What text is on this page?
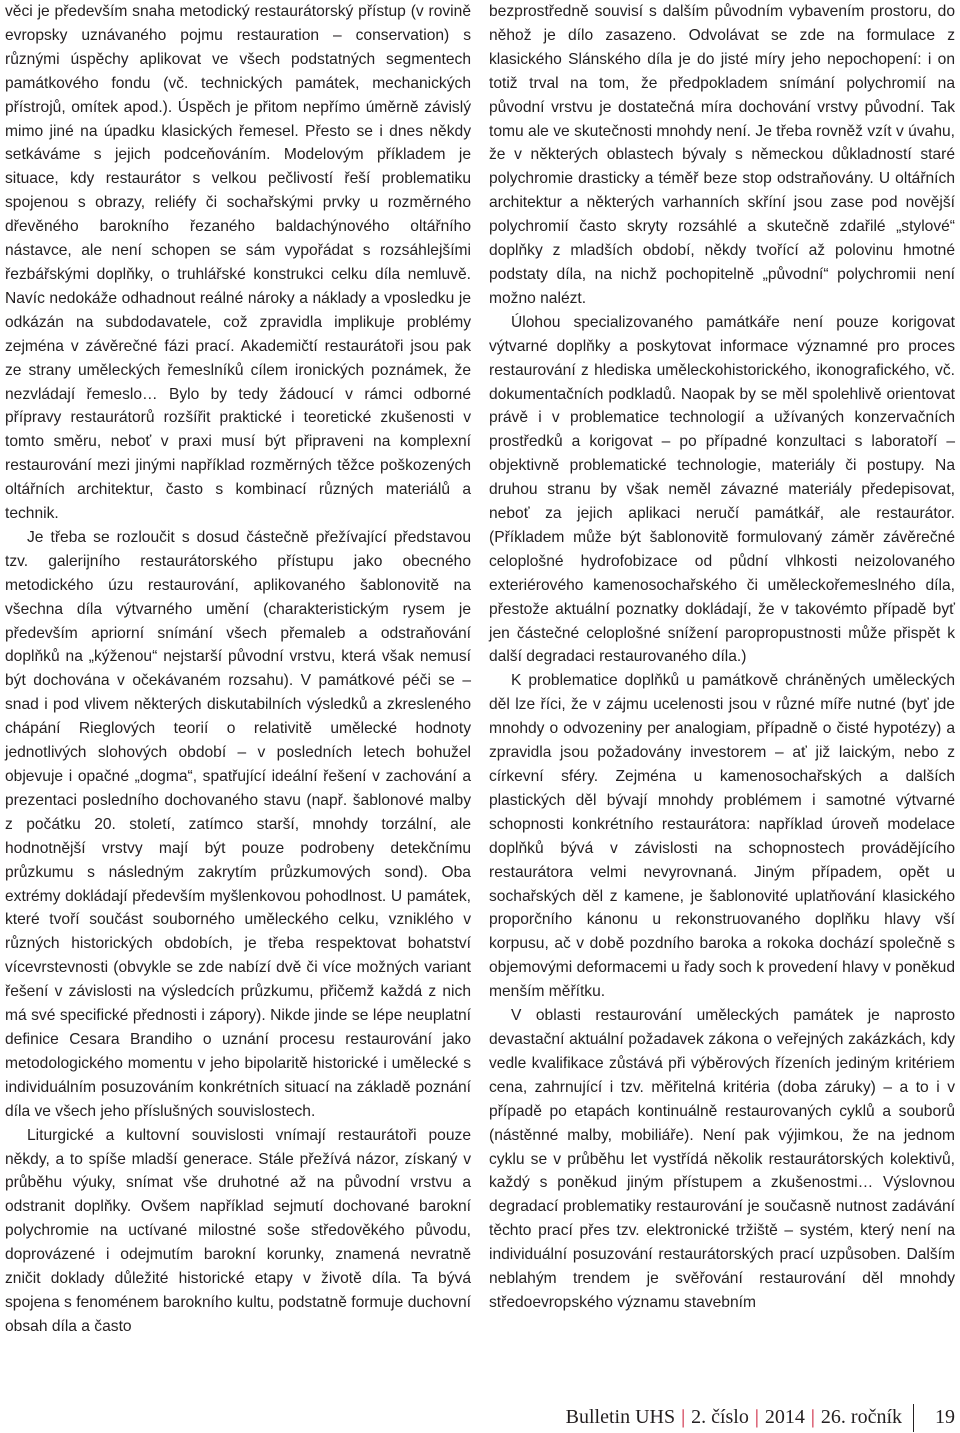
věci je především snaha metodický restaurátorský přístup (v rovině evropsky uznávaného pojmu restauration – conservation) s různými úspěchy aplikovat ve všech podstatných segmentech památkového fondu (vč. technických památek, mechanických přístrojů, omítek apod.). Úspěch je přitom nepřímo úměrně závislý mimo jiné na úpadku klasických řemesel. Přesto se i dnes někdy setkáváme s jejich podceňováním. Modelovým příkladem je situace, kdy restaurátor s velkou pečlivostí řeší problematiku spojenou s obrazy, reliéfy či sochařskými prvky u rozměrného dřevěného barokního řezaného baldachýnového oltářního nástavce, ale není schopen se sám vypořádat s rozsáhlejšími řezbářskými doplňky, o truhlářské konstrukci celku díla nemluvě. Navíc nedokáže odhadnout reálné nároky a náklady a vposledku je odkázán na subdodavatele, což zpravidla implikuje problémy zejména v závěrečné fázi prací. Akademičtí restaurátoři jsou pak ze strany uměleckých řemeslníků cílem ironických poznámek, že nezvládají řemeslo… Bylo by tedy žádoucí v rámci odborné přípravy restaurátorů rozšířit praktické i teoretické zkušenosti v tomto směru, neboť v praxi musí být připraveni na komplexní restaurování mezi jinými například rozměrných těžce poškozených oltářních architektur, často s kombinací různých materiálů a technik.

Je třeba se rozloučit s dosud částečně přežívající představou tzv. galerijního restaurátorského přístupu jako obecného metodického úzu restaurování, aplikovaného šablonovitě na všechna díla výtvarného umění (charakteristickým rysem je především apriorní snímání všech přemaleb a odstraňování doplňků na „kýženou“ nejstarší původní vrstvu, která však nemusí být dochována v očekávaném rozsahu). V památkové péči se – snad i pod vlivem některých diskutabilních výsledků a zkresleného chápání Rieglových teorií o relativitě umělecké hodnoty jednotlivých slohových období – v posledních letech bohužel objevuje i opačné „dogma“, spatřující ideální řešení v zachování a prezentaci posledního dochovaného stavu (např. šablonové malby z počátku 20. století, zatímco starší, mnohdy torzální, ale hodnotnější vrstvy mají být pouze podrobeny detekčnímu průzkumu s následným zakrytím průzkumových sond). Oba extrémy dokládají především myšlenkovou pohodlnost. U památek, které tvoří součást souborného uměleckého celku, vzniklého v různých historických obdobích, je třeba respektovat bohatství vícevrstevnosti (obvykle se zde nabízí dvě či více možných variant řešení v závislosti na výsledcích průzkumu, přičemž každá z nich má své specifické přednosti i zápory). Nikde jinde se lépe neuplatní definice Cesara Brandiho o uznání procesu restaurování jako metodologického momentu v jeho bipolaritě historické i umělecké s individuálním posuzováním konkrétních situací na základě poznání díla ve všech jeho příslušných souvislostech.

Liturgické a kultovní souvislosti vnímají restaurátoři pouze někdy, a to spíše mladší generace. Stále přežívá názor, získaný v průběhu výuky, snímat vše druhotné až na původní vrstvu a odstranit doplňky. Ovšem například sejmutí dochované barokní polychromie na uctívané milostné soše středověkého původu, doprovázené i odejmutím barokní korunky, znamená nevratně zničit doklady důležité historické etapy v životě díla. Ta bývá spojena s fenoménem barokního kultu, podstatně formuje duchovní obsah díla a často

bezprostředně souvisí s dalším původním vybavením prostoru, do něhož je dílo zasazeno. Odvolávat se zde na formulace z klasického Slánského díla je do jisté míry jeho nepochopení: i on totiž trval na tom, že předpokladem snímání polychromií na původní vrstvu je dostatečná míra dochování vrstvy původní. Tak tomu ale ve skutečnosti mnohdy není. Je třeba rovněž vzít v úvahu, že v některých oblastech bývaly s německou důkladností staré polychromie drasticky a téměř beze stop odstraňovány. U oltářních architektur a některých varhanních skříní jsou zase pod novější polychromií často skryty rozsáhlé a skutečně zdařilé „stylové“ doplňky z mladších období, někdy tvořící až polovinu hmotné podstaty díla, na nichž pochopitelně „původní“ polychromii není možno nalézt.

Úlohou specializovaného památkáře není pouze korigovat výtvarné doplňky a poskytovat informace významné pro proces restaurování z hlediska uměleckohistorického, ikonografického, vč. dokumentačních podkladů. Naopak by se měl spolehlivě orientovat právě i v problematice technologií a užívaných konzervačních prostředků a korigovat – po případné konzultaci s laboratoří – objektivně problematické technologie, materiály či postupy. Na druhou stranu by však neměl závazné materiály předepisovat, neboť za jejich aplikaci neručí památkář, ale restaurátor. (Příkladem může být šablonovitě formulovaný záměr závěrečné celoplošné hydrofobizace od půdní vlhkosti neizolovaného exteriérového kamenosochařského či uměleckořemeslného díla, přestože aktuální poznatky dokládají, že v takovémto případě byť jen částečné celoplošné snížení paropropustnosti může přispět k další degradaci restaurovaného díla.)

K problematice doplňků u památkově chráněných uměleckých děl lze říci, že v zájmu ucelenosti jsou v různé míře nutné (byť jde mnohdy o odvozeniny per analogiam, případně o čisté hypotézy) a zpravidla jsou požadovány investorem – ať již laickým, nebo z církevní sféry. Zejména u kamenosochařských a dalších plastických děl bývají mnohdy problémem i samotné výtvarné schopnosti konkrétního restaurátora: například úroveň modelace doplňků bývá v závislosti na schopnostech provádějícího restaurátora velmi nevyrovnaná. Jiným případem, opět u sochařských děl z kamene, je šablonovité uplatňování klasického proporčního kánonu u rekonstruovaného doplňku hlavy vší korpusu, ač v době pozdního baroka a rokoka dochází společně s objemovými deformacemi u řady soch k provedení hlavy v poněkud menším měřítku.

V oblasti restaurování uměleckých památek je naprosto devastační aktuální požadavek zákona o veřejných zakázkách, kdy vedle kvalifikace zůstává při výběrových řízeních jediným kritériem cena, zahrnující i tzv. měřitelná kritéria (doba záruky) – a to i v případě po etapách kontinuálně restaurovaných cyklů a souborů (nástěnné malby, mobiliáře). Není pak výjimkou, že na jednom cyklu se v průběhu let vystřídá několik restaurátorských kolektivů, každý s poněkud jiným přístupem a zkušenostmi… Výslovnou degradací problematiky restaurování je současně nutnost zadávání těchto prací přes tzv. elektronické tržiště – systém, který není na individuální posuzování restaurátorských prací uzpůsoben. Dalším neblahým trendem je svěřování restaurování děl mnohdy středoevropského významu stavebním

Bulletin UHS | 2. číslo | 2014 | 26. ročník 19
